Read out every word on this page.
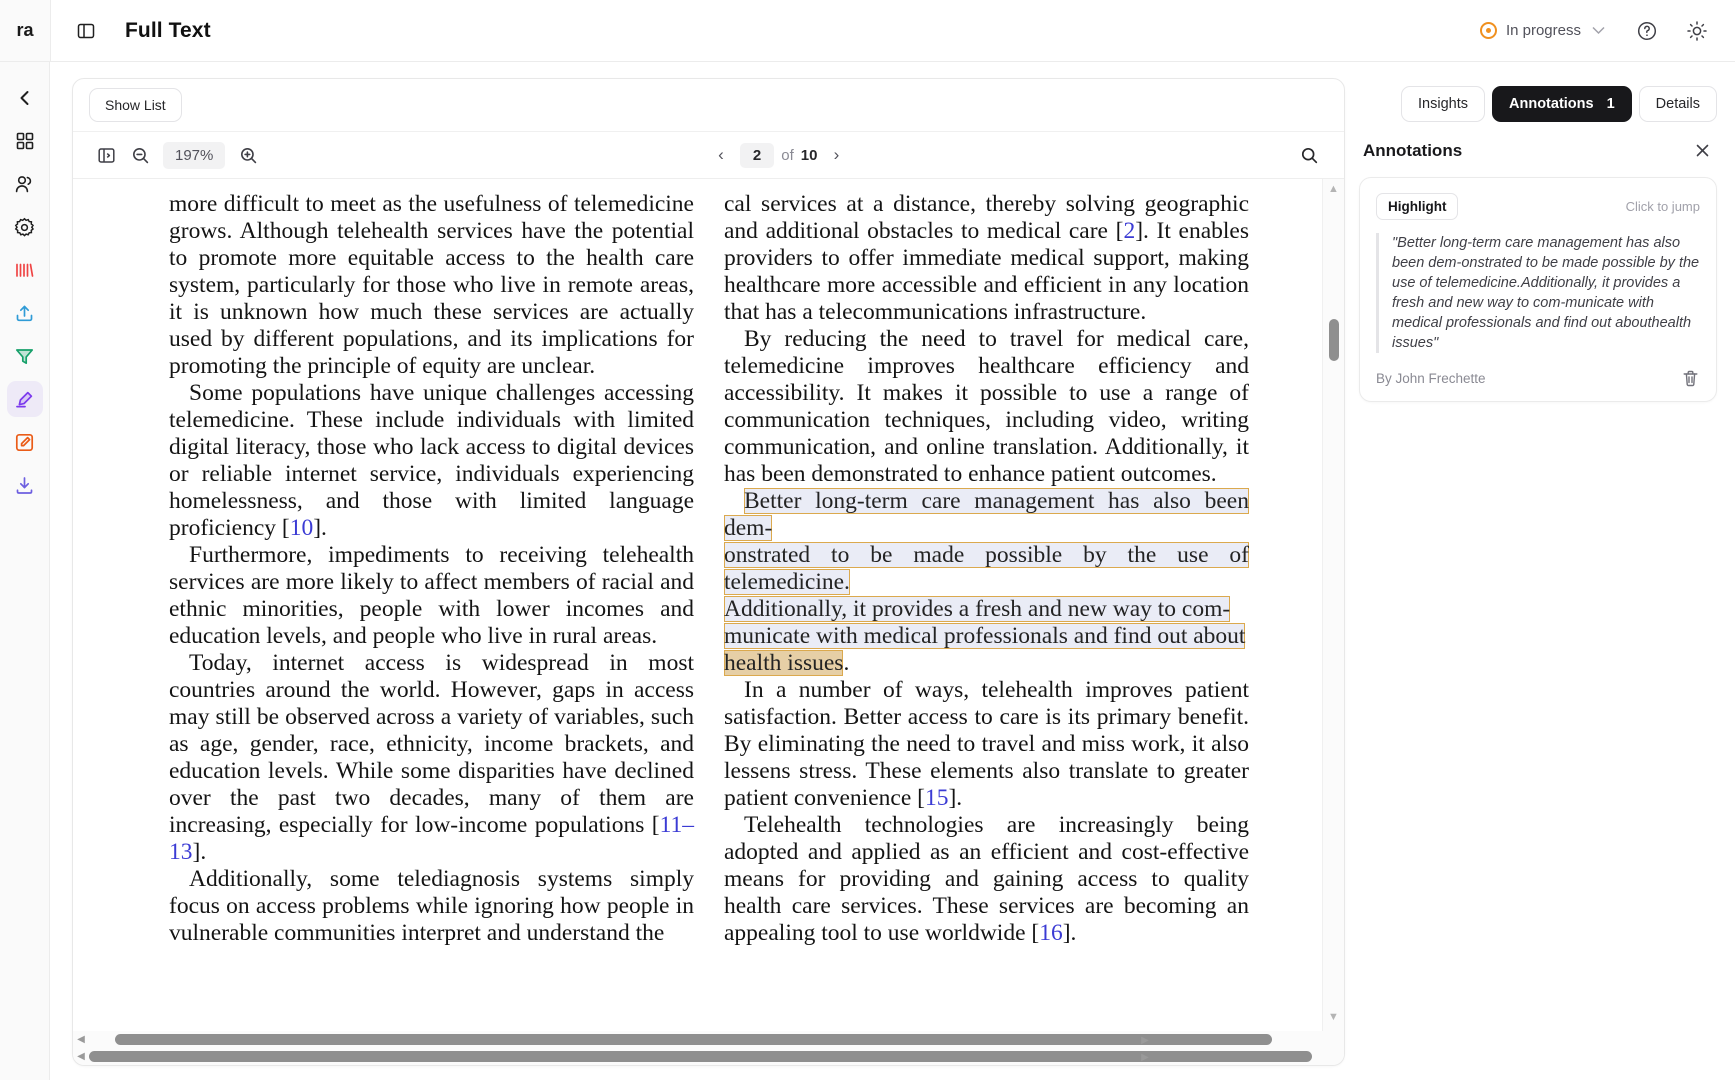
ra	Full Text	In progress
Show List
197%	‹	2	of 10 ›

more difficult to meet as the usefulness of telemedicine grows. Although telehealth services have the potential to promote more equitable access to the health care system, particularly for those who live in remote areas, it is unknown how much these services are actually used by different populations, and its implications for promoting the principle of equity are unclear.

Some populations have unique challenges accessing telemedicine. These include individuals with limited digital literacy, those who lack access to digital devices or reliable internet service, individuals experiencing homelessness, and those with limited language proficiency [10].

Furthermore, impediments to receiving telehealth services are more likely to affect members of racial and ethnic minorities, people with lower incomes and education levels, and people who live in rural areas.

Today, internet access is widespread in most countries around the world. However, gaps in access may still be observed across a variety of variables, such as age, gender, race, ethnicity, income brackets, and education levels. While some disparities have declined over the past two decades, many of them are increasing, especially for low-income populations [11–13].

Additionally, some telediagnosis systems simply focus on access problems while ignoring how people in vulnerable communities interpret and understand the

cal services at a distance, thereby solving geographic and additional obstacles to medical care [2]. It enables providers to offer immediate medical support, making healthcare more accessible and efficient in any location that has a telecommunications infrastructure.

By reducing the need to travel for medical care, telemedicine improves healthcare efficiency and accessibility. It makes it possible to use a range of communication techniques, including video, writing communication, and online translation. Additionally, it has been demonstrated to enhance patient outcomes.

Better long-term care management has also been dem-
onstrated to be made possible by the use of telemedicine.
Additionally, it provides a fresh and new way to com-
municate with medical professionals and find out about
health issues.

In a number of ways, telehealth improves patient satisfaction. Better access to care is its primary benefit. By eliminating the need to travel and miss work, it also lessens stress. These elements also translate to greater patient convenience [15].

Telehealth technologies are increasingly being adopted and applied as an efficient and cost-effective means for providing and gaining access to quality health care services. These services are becoming an appealing tool to use worldwide [16].

▲
▼
◀	▶
◀	▶
Insights	Annotations 1	Details
Annotations
Highlight	Click to jump
"Better long-term care management has also been dem-onstrated to be made possible by the use of telemedicine.Additionally, it provides a fresh and new way to com-municate with medical professionals and find out abouthealth issues"
By John Frechette
